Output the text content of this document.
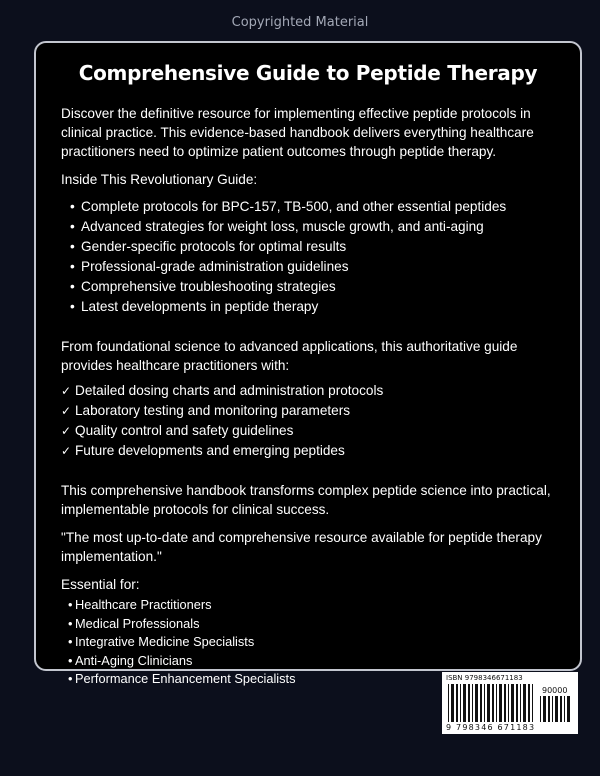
Copyrighted Material
Comprehensive Guide to Peptide Therapy

Discover the definitive resource for implementing effective peptide protocols in clinical practice. This evidence-based handbook delivers everything healthcare practitioners need to optimize patient outcomes through peptide therapy.

Inside This Revolutionary Guide:

• Complete protocols for BPC-157, TB-500, and other essential peptides
• Advanced strategies for weight loss, muscle growth, and anti-aging
• Gender-specific protocols for optimal results
• Professional-grade administration guidelines
• Comprehensive troubleshooting strategies
• Latest developments in peptide therapy

From foundational science to advanced applications, this authoritative guide provides healthcare practitioners with:

✓ Detailed dosing charts and administration protocols
✓ Laboratory testing and monitoring parameters
✓ Quality control and safety guidelines
✓ Future developments and emerging peptides

This comprehensive handbook transforms complex peptide science into practical, implementable protocols for clinical success.

"The most up-to-date and comprehensive resource available for peptide therapy implementation."

Essential for:

• Healthcare Practitioners
• Medical Professionals
• Integrative Medicine Specialists
• Anti-Aging Clinicians
• Performance Enhancement Specialists	ISBN 9798346671183
90000
9 798346 671183
